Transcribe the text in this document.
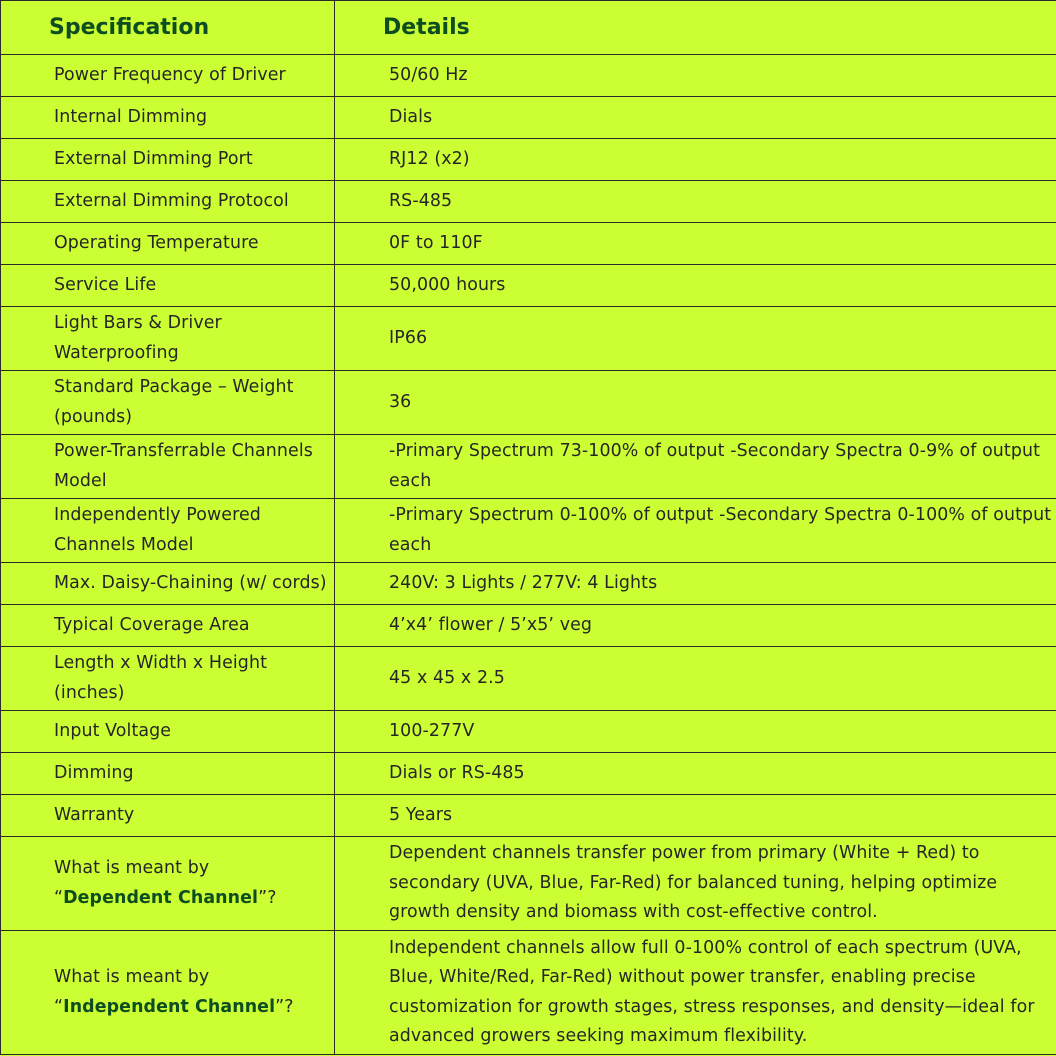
Specification	Details
Power Frequency of Driver	50/60 Hz
Internal Dimming	Dials
External Dimming Port	RJ12 (x2)
External Dimming Protocol	RS-485
Operating Temperature	0F to 110F
Service Life	50,000 hours
Light Bars & Driver Waterproofing	IP66
Standard Package – Weight (pounds)	36
Power-Transferrable Channels Model	-Primary Spectrum 73-100% of output -Secondary Spectra 0-9% of output each
Independently Powered Channels Model	-Primary Spectrum 0-100% of output -Secondary Spectra 0-100% of output each
Max. Daisy-Chaining (w/ cords)	240V: 3 Lights / 277V: 4 Lights
Typical Coverage Area	4’x4’ flower / 5’x5’ veg
Length x Width x Height (inches)	45 x 45 x 2.5
Input Voltage	100-277V
Dimming	Dials or RS-485
Warranty	5 Years
What is meant by “Dependent Channel”?	Dependent channels transfer power from primary (White + Red) to secondary (UVA, Blue, Far-Red) for balanced tuning, helping optimize growth density and biomass with cost-effective control.
What is meant by “Independent Channel”?	Independent channels allow full 0-100% control of each spectrum (UVA, Blue, White/Red, Far-Red) without power transfer, enabling precise customization for growth stages, stress responses, and density—ideal for advanced growers seeking maximum flexibility.
